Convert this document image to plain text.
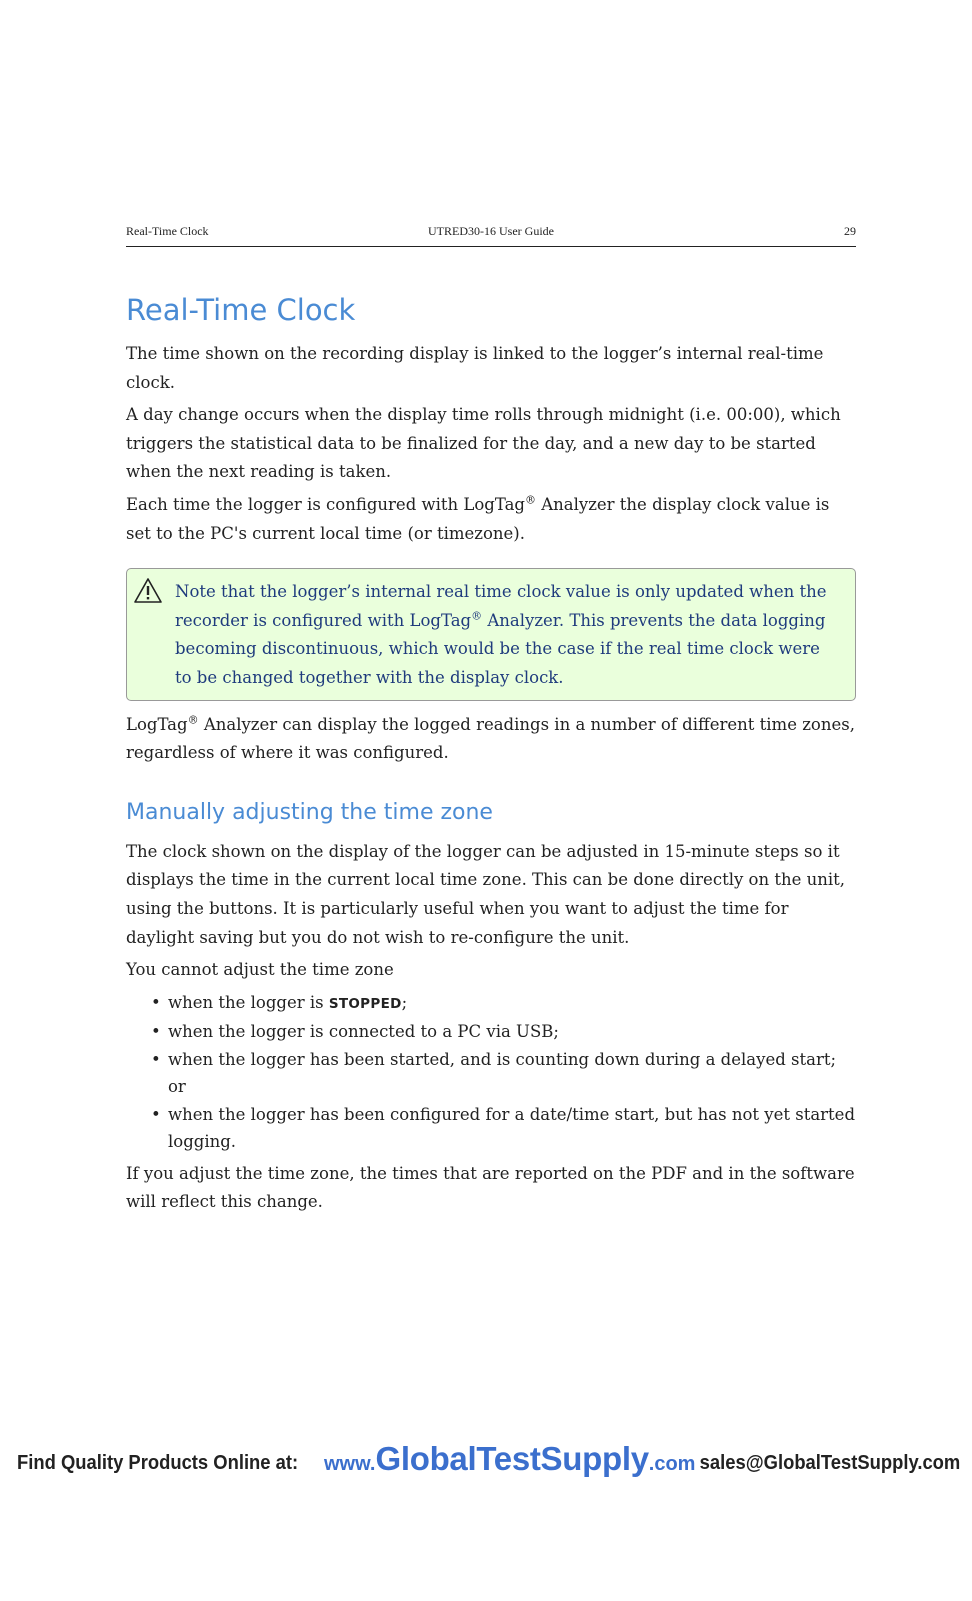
Real-Time Clock	UTRED30-16 User Guide	29
Real-Time Clock

The time shown on the recording display is linked to the logger’s internal real-time clock.

A day change occurs when the display time rolls through midnight (i.e. 00:00), which triggers the statistical data to be finalized for the day, and a new day to be started when the next reading is taken.

Each time the logger is configured with LogTag® Analyzer the display clock value is set to the PC's current local time (or timezone).

Note that the logger’s internal real time clock value is only updated when the recorder is configured with LogTag® Analyzer. This prevents the data logging becoming discontinuous, which would be the case if the real time clock were to be changed together with the display clock.

LogTag® Analyzer can display the logged readings in a number of different time zones, regardless of where it was configured.

Manually adjusting the time zone

The clock shown on the display of the logger can be adjusted in 15-minute steps so it displays the time in the current local time zone. This can be done directly on the unit, using the buttons. It is particularly useful when you want to adjust the time for daylight saving but you do not wish to re-configure the unit.

You cannot adjust the time zone

• when the logger is STOPPED;
• when the logger is connected to a PC via USB;
• when the logger has been started, and is counting down during a delayed start; or
• when the logger has been configured for a date/time start, but has not yet started logging.

If you adjust the time zone, the times that are reported on the PDF and in the software will reflect this change.

Find Quality Products Online at: www.GlobalTestSupply.com sales@GlobalTestSupply.com
